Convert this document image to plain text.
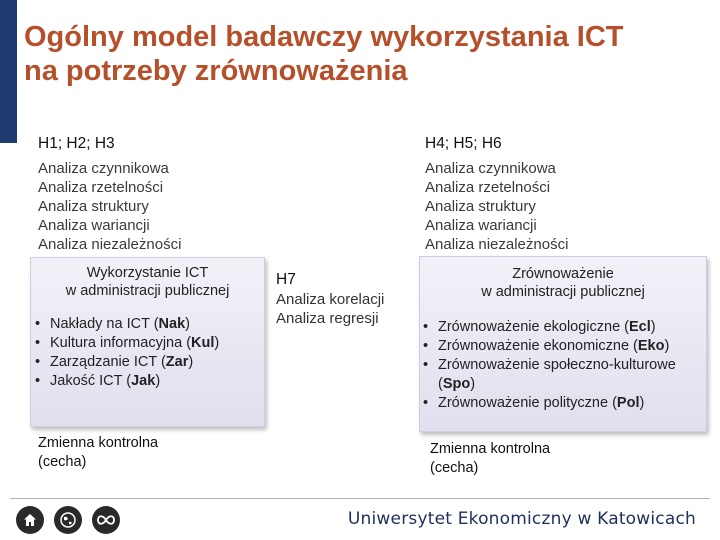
Ogólny model badawczy wykorzystania ICT
na potrzeby zrównoważenia
H1; H2; H3
Analiza czynnikowa
Analiza rzetelności
Analiza struktury
Analiza wariancji
Analiza niezależności
H4; H5; H6
Analiza czynnikowa
Analiza rzetelności
Analiza struktury
Analiza wariancji
Analiza niezależności
Wykorzystanie ICT
w administracji publicznej
• Nakłady na ICT (Nak)
• Kultura informacyjna (Kul)
• Zarządzanie ICT (Zar)
• Jakość ICT (Jak)
H7
Analiza korelacji
Analiza regresji
Zrównoważenie
w administracji publicznej
• Zrównoważenie ekologiczne (Ecl)
• Zrównoważenie ekonomiczne (Eko)
• Zrównoważenie społeczno-kulturowe (Spo)
• Zrównoważenie polityczne (Pol)
Zmienna kontrolna
(cecha)
Zmienna kontrolna
(cecha)
Uniwersytet Ekonomiczny w Katowicach
